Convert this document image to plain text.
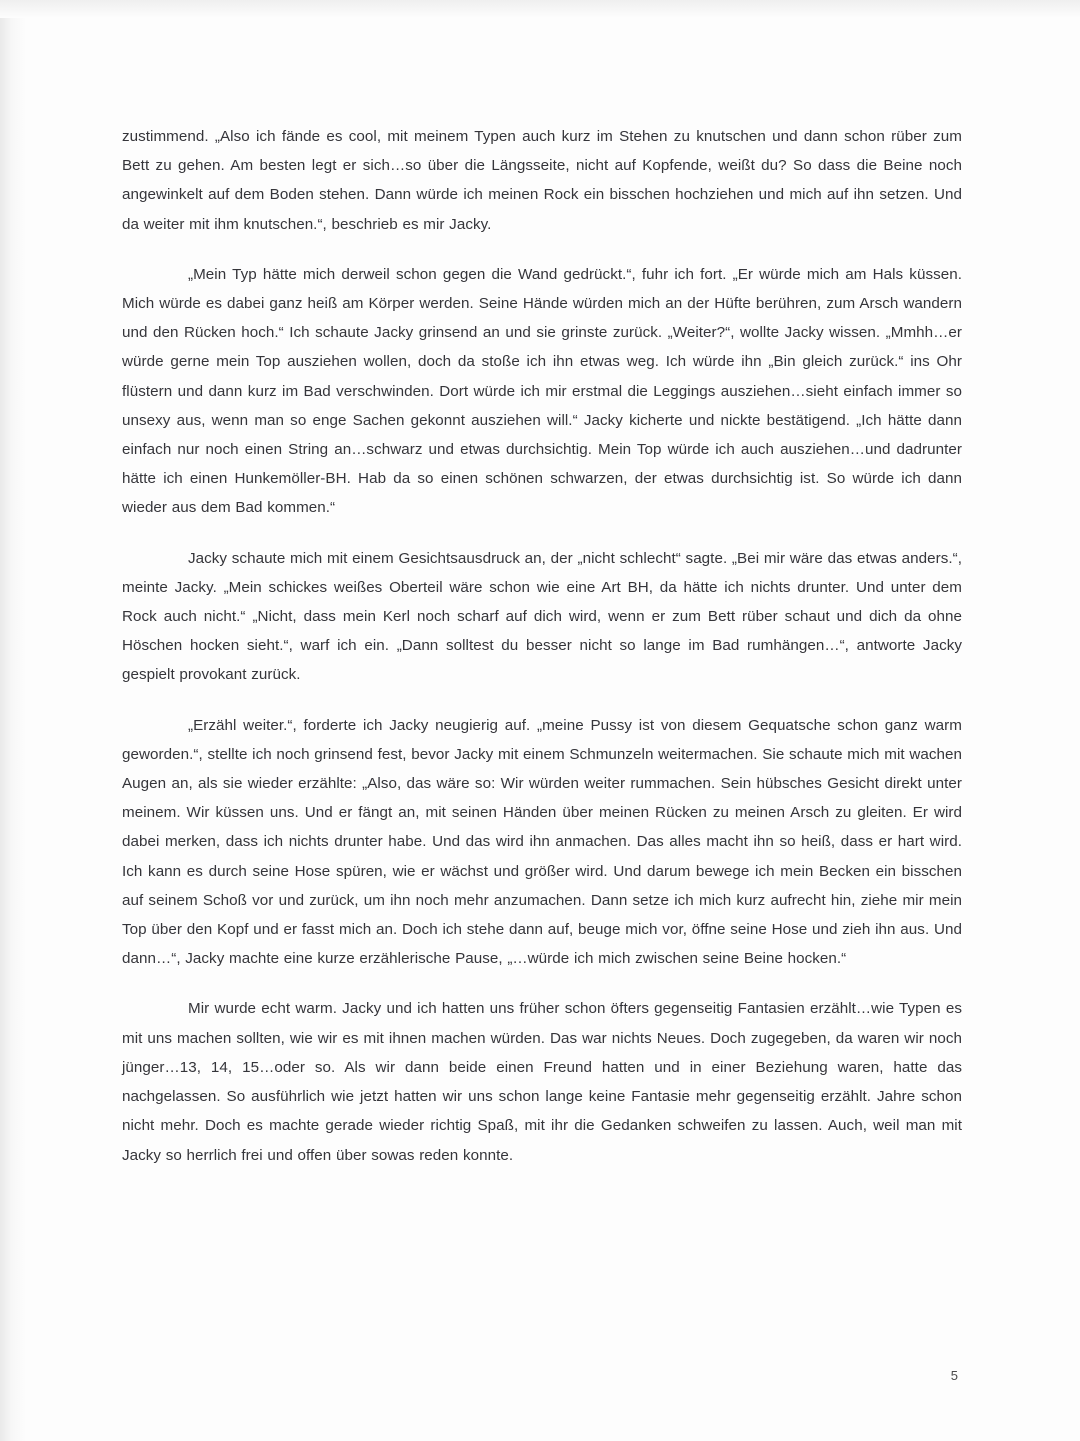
zustimmend. „Also ich fände es cool, mit meinem Typen auch kurz im Stehen zu knutschen und dann schon rüber zum Bett zu gehen. Am besten legt er sich…so über die Längsseite, nicht auf Kopfende, weißt du? So dass die Beine noch angewinkelt auf dem Boden stehen. Dann würde ich meinen Rock ein bisschen hochziehen und mich auf ihn setzen. Und da weiter mit ihm knutschen.“, beschrieb es mir Jacky.

„Mein Typ hätte mich derweil schon gegen die Wand gedrückt.“, fuhr ich fort. „Er würde mich am Hals küssen. Mich würde es dabei ganz heiß am Körper werden. Seine Hände würden mich an der Hüfte berühren, zum Arsch wandern und den Rücken hoch.“ Ich schaute Jacky grinsend an und sie grinste zurück. „Weiter?“, wollte Jacky wissen. „Mmhh…er würde gerne mein Top ausziehen wollen, doch da stoße ich ihn etwas weg. Ich würde ihn „Bin gleich zurück.“ ins Ohr flüstern und dann kurz im Bad verschwinden. Dort würde ich mir erstmal die Leggings ausziehen…sieht einfach immer so unsexy aus, wenn man so enge Sachen gekonnt ausziehen will.“ Jacky kicherte und nickte bestätigend. „Ich hätte dann einfach nur noch einen String an…schwarz und etwas durchsichtig. Mein Top würde ich auch ausziehen…und dadrunter hätte ich einen Hunkemöller-BH. Hab da so einen schönen schwarzen, der etwas durchsichtig ist. So würde ich dann wieder aus dem Bad kommen.“

Jacky schaute mich mit einem Gesichtsausdruck an, der „nicht schlecht“ sagte. „Bei mir wäre das etwas anders.“, meinte Jacky. „Mein schickes weißes Oberteil wäre schon wie eine Art BH, da hätte ich nichts drunter. Und unter dem Rock auch nicht.“ „Nicht, dass mein Kerl noch scharf auf dich wird, wenn er zum Bett rüber schaut und dich da ohne Höschen hocken sieht.“, warf ich ein. „Dann solltest du besser nicht so lange im Bad rumhängen…“, antworte Jacky gespielt provokant zurück.

„Erzähl weiter.“, forderte ich Jacky neugierig auf. „meine Pussy ist von diesem Gequatsche schon ganz warm geworden.“, stellte ich noch grinsend fest, bevor Jacky mit einem Schmunzeln weitermachen. Sie schaute mich mit wachen Augen an, als sie wieder erzählte: „Also, das wäre so: Wir würden weiter rummachen. Sein hübsches Gesicht direkt unter meinem. Wir küssen uns. Und er fängt an, mit seinen Händen über meinen Rücken zu meinen Arsch zu gleiten. Er wird dabei merken, dass ich nichts drunter habe. Und das wird ihn anmachen. Das alles macht ihn so heiß, dass er hart wird. Ich kann es durch seine Hose spüren, wie er wächst und größer wird. Und darum bewege ich mein Becken ein bisschen auf seinem Schoß vor und zurück, um ihn noch mehr anzumachen. Dann setze ich mich kurz aufrecht hin, ziehe mir mein Top über den Kopf und er fasst mich an. Doch ich stehe dann auf, beuge mich vor, öffne seine Hose und zieh ihn aus. Und dann…“, Jacky machte eine kurze erzählerische Pause, „…würde ich mich zwischen seine Beine hocken.“

Mir wurde echt warm. Jacky und ich hatten uns früher schon öfters gegenseitig Fantasien erzählt…wie Typen es mit uns machen sollten, wie wir es mit ihnen machen würden. Das war nichts Neues. Doch zugegeben, da waren wir noch jünger…13, 14, 15…oder so. Als wir dann beide einen Freund hatten und in einer Beziehung waren, hatte das nachgelassen. So ausführlich wie jetzt hatten wir uns schon lange keine Fantasie mehr gegenseitig erzählt. Jahre schon nicht mehr. Doch es machte gerade wieder richtig Spaß, mit ihr die Gedanken schweifen zu lassen. Auch, weil man mit Jacky so herrlich frei und offen über sowas reden konnte.

5
